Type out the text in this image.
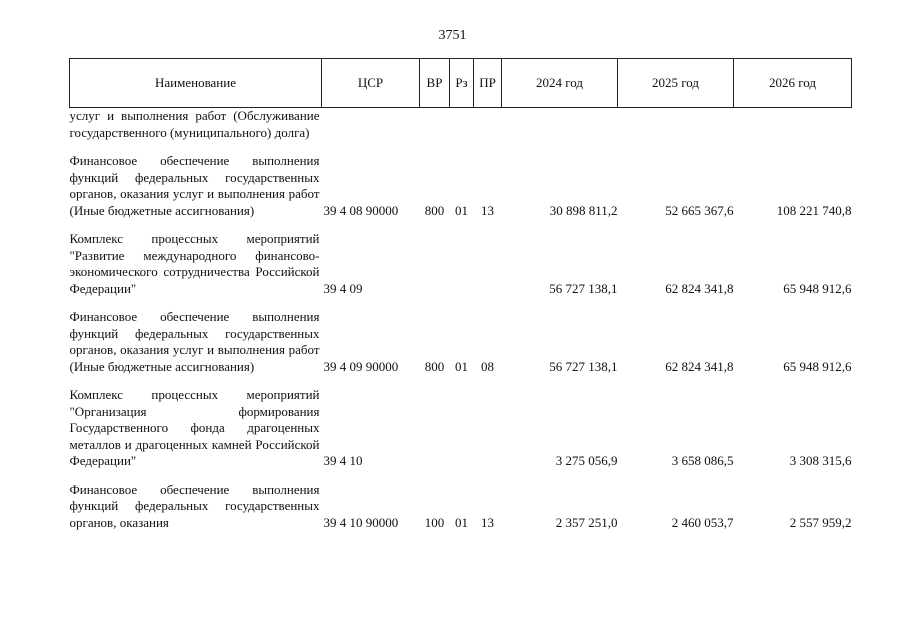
3751
Наименование	ЦСР	ВР	Рз	ПР	2024 год	2025 год	2026 год
услуг и выполнения работ (Обслуживание государственного (муниципального) долга)							

Финансовое обеспечение выполнения функций федеральных государственных органов, оказания услуг и выполнения работ (Иные бюджетные ассигнования)	39 4 08 90000	800	01	13	30 898 811,2	52 665 367,6	108 221 740,8

Комплекс процессных мероприятий "Развитие международного финансово-экономического сотрудничества Российской Федерации"	39 4 09				56 727 138,1	62 824 341,8	65 948 912,6

Финансовое обеспечение выполнения функций федеральных государственных органов, оказания услуг и выполнения работ (Иные бюджетные ассигнования)	39 4 09 90000	800	01	08	56 727 138,1	62 824 341,8	65 948 912,6

Комплекс процессных мероприятий "Организация формирования Государственного фонда драгоценных металлов и драгоценных камней Российской Федерации"	39 4 10				3 275 056,9	3 658 086,5	3 308 315,6

Финансовое обеспечение выполнения функций федеральных государственных органов, оказания	39 4 10 90000	100	01	13	2 357 251,0	2 460 053,7	2 557 959,2
